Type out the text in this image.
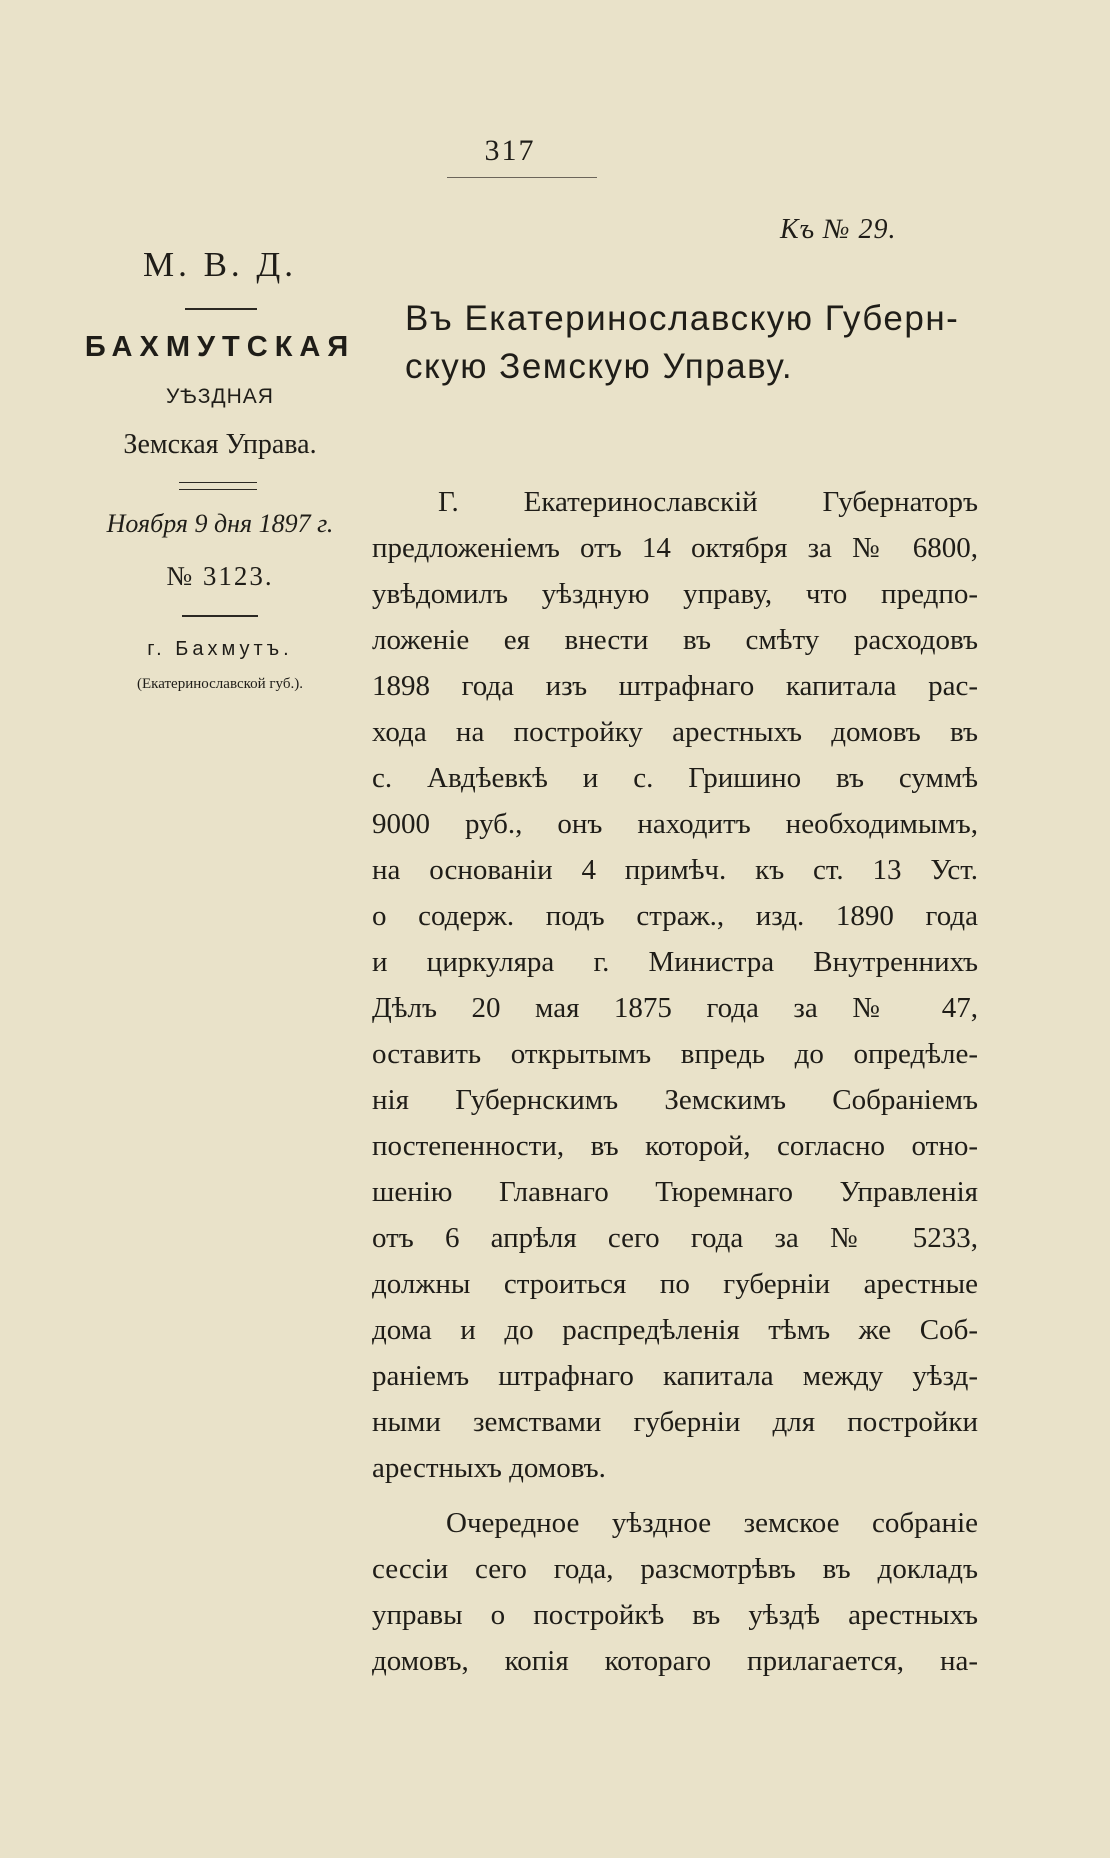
317
Къ № 29.
М. В. Д.
БАХМУТСКАЯ
УѢЗДНАЯ
Земская Управа.
Ноября 9 дня 1897 г.
№ 3123.
г. Бахмутъ.
(Екатеринославской губ.).
Въ Екатеринославскую Губерн-
скую Земскую Управу.
Г. Екатеринославскій Губернаторъ
предложеніемъ отъ 14 октября за № 6800,
увѣдомилъ уѣздную управу, что предпо-
ложеніе ея внести въ смѣту расходовъ
1898 года изъ штрафнаго капитала рас-
хода на постройку арестныхъ домовъ въ
с. Авдѣевкѣ и с. Гришино въ суммѣ
9000 руб., онъ находитъ необходимымъ,
на основаніи 4 примѣч. къ ст. 13 Уст.
о содерж. подъ страж., изд. 1890 года
и циркуляра г. Министра Внутреннихъ
Дѣлъ 20 мая 1875 года за № 47,
оставить открытымъ впредь до опредѣле-
нія Губернскимъ Земскимъ Собраніемъ
постепенности, въ которой, согласно отно-
шенію Главнаго Тюремнаго Управленія
отъ 6 апрѣля сего года за № 5233,
должны строиться по губерніи арестные
дома и до распредѣленія тѣмъ же Соб-
раніемъ штрафнаго капитала между уѣзд-
ными земствами губерніи для постройки
арестныхъ домовъ.
Очередное уѣздное земское собраніе
сессіи сего года, разсмотрѣвъ въ докладъ
управы о постройкѣ въ уѣздѣ арестныхъ
домовъ, копія котораго прилагается, на-
